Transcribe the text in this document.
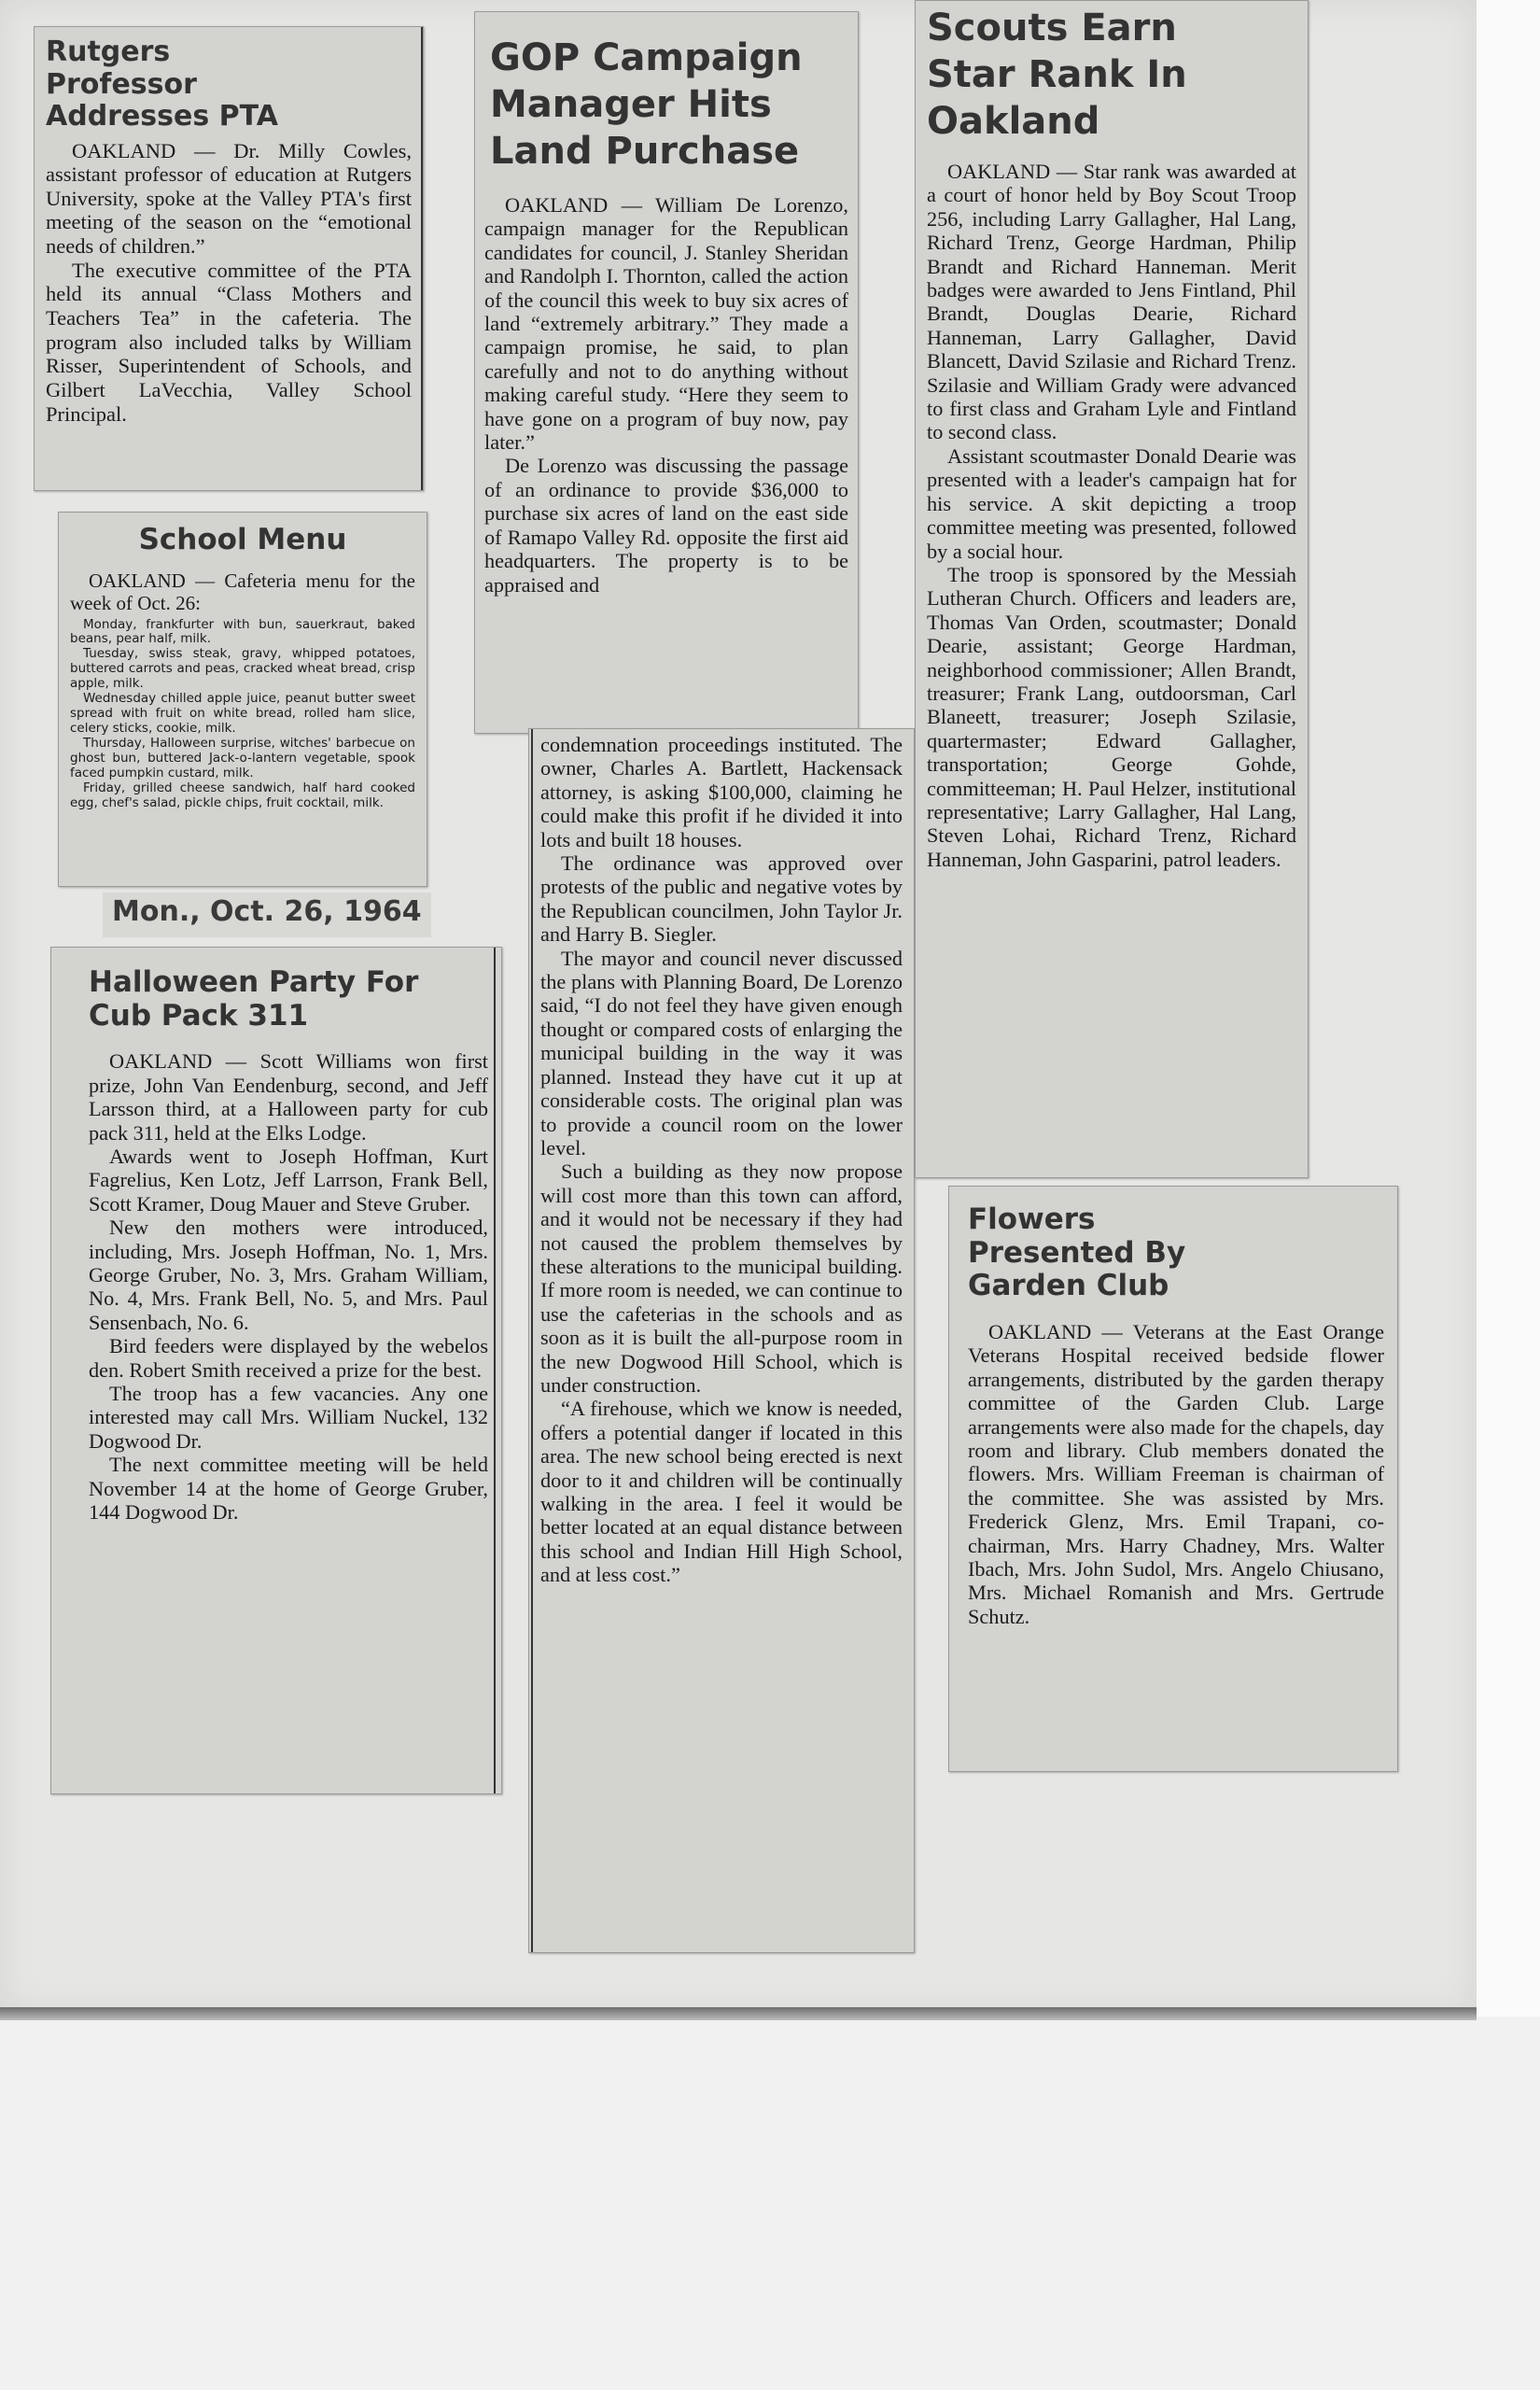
Rutgers Professor Addresses PTA

OAKLAND — Dr. Milly Cowles, assistant professor of education at Rutgers University, spoke at the Valley PTA's first meeting of the season on the “emotional needs of children.”

The executive committee of the PTA held its annual “Class Mothers and Teachers Tea” in the cafeteria. The program also included talks by William Risser, Superintendent of Schools, and Gilbert LaVecchia, Valley School Principal.

School Menu

OAKLAND — Cafeteria menu for the week of Oct. 26:

Monday, frankfurter with bun, sauerkraut, baked beans, pear half, milk.

Tuesday, swiss steak, gravy, whipped potatoes, buttered carrots and peas, cracked wheat bread, crisp apple, milk.

Wednesday chilled apple juice, peanut butter sweet spread with fruit on white bread, rolled ham slice, celery sticks, cookie, milk.

Thursday, Halloween surprise, witches' barbecue on ghost bun, buttered Jack-o-lantern vegetable, spook faced pumpkin custard, milk.

Friday, grilled cheese sandwich, half hard cooked egg, chef's salad, pickle chips, fruit cocktail, milk.

Mon., Oct. 26, 1964
Halloween Party For Cub Pack 311

OAKLAND — Scott Williams won first prize, John Van Eendenburg, second, and Jeff Larsson third, at a Halloween party for cub pack 311, held at the Elks Lodge.

Awards went to Joseph Hoffman, Kurt Fagrelius, Ken Lotz, Jeff Larrson, Frank Bell, Scott Kramer, Doug Mauer and Steve Gruber.

New den mothers were introduced, including, Mrs. Joseph Hoffman, No. 1, Mrs. George Gruber, No. 3, Mrs. Graham William, No. 4, Mrs. Frank Bell, No. 5, and Mrs. Paul Sensenbach, No. 6.

Bird feeders were displayed by the webelos den. Robert Smith received a prize for the best.

The troop has a few vacancies. Any one interested may call Mrs. William Nuckel, 132 Dogwood Dr.

The next committee meeting will be held November 14 at the home of George Gruber, 144 Dogwood Dr.

GOP Campaign Manager Hits Land Purchase

OAKLAND — William De Lorenzo, campaign manager for the Republican candidates for council, J. Stanley Sheridan and Randolph I. Thornton, called the action of the council this week to buy six acres of land “extremely arbitrary.” They made a campaign promise, he said, to plan carefully and not to do anything without making careful study. “Here they seem to have gone on a program of buy now, pay later.”

De Lorenzo was discussing the passage of an ordinance to provide $36,000 to purchase six acres of land on the east side of Ramapo Valley Rd. opposite the first aid headquarters. The property is to be appraised and

condemnation proceedings instituted. The owner, Charles A. Bartlett, Hackensack attorney, is asking $100,000, claiming he could make this profit if he divided it into lots and built 18 houses.

The ordinance was approved over protests of the public and negative votes by the Republican councilmen, John Taylor Jr. and Harry B. Siegler.

The mayor and council never discussed the plans with Planning Board, De Lorenzo said, “I do not feel they have given enough thought or compared costs of enlarging the municipal building in the way it was planned. Instead they have cut it up at considerable costs. The original plan was to provide a council room on the lower level.

Such a building as they now propose will cost more than this town can afford, and it would not be necessary if they had not caused the problem themselves by these alterations to the municipal building. If more room is needed, we can continue to use the cafeterias in the schools and as soon as it is built the all-purpose room in the new Dogwood Hill School, which is under construction.

“A firehouse, which we know is needed, offers a potential danger if located in this area. The new school being erected is next door to it and children will be continually walking in the area. I feel it would be better located at an equal distance between this school and Indian Hill High School, and at less cost.”

Scouts Earn Star Rank In Oakland

OAKLAND — Star rank was awarded at a court of honor held by Boy Scout Troop 256, including Larry Gallagher, Hal Lang, Richard Trenz, George Hardman, Philip Brandt and Richard Hanneman. Merit badges were awarded to Jens Fintland, Phil Brandt, Douglas Dearie, Richard Hanneman, Larry Gallagher, David Blancett, David Szilasie and Richard Trenz. Szilasie and William Grady were advanced to first class and Graham Lyle and Fintland to second class.

Assistant scoutmaster Donald Dearie was presented with a leader's campaign hat for his service. A skit depicting a troop committee meeting was presented, followed by a social hour.

The troop is sponsored by the Messiah Lutheran Church. Officers and leaders are, Thomas Van Orden, scoutmaster; Donald Dearie, assistant; George Hardman, neighborhood commissioner; Allen Brandt, treasurer; Frank Lang, outdoorsman, Carl Blaneett, treasurer; Joseph Szilasie, quartermaster; Edward Gallagher, transportation; George Gohde, committeeman; H. Paul Helzer, institutional representative; Larry Gallagher, Hal Lang, Steven Lohai, Richard Trenz, Richard Hanneman, John Gasparini, patrol leaders.

Flowers Presented By Garden Club

OAKLAND — Veterans at the East Orange Veterans Hospital received bedside flower arrangements, distributed by the garden therapy committee of the Garden Club. Large arrangements were also made for the chapels, day room and library. Club members donated the flowers. Mrs. William Freeman is chairman of the committee. She was assisted by Mrs. Frederick Glenz, Mrs. Emil Trapani, co-chairman, Mrs. Harry Chadney, Mrs. Walter Ibach, Mrs. John Sudol, Mrs. Angelo Chiusano, Mrs. Michael Romanish and Mrs. Gertrude Schutz.
